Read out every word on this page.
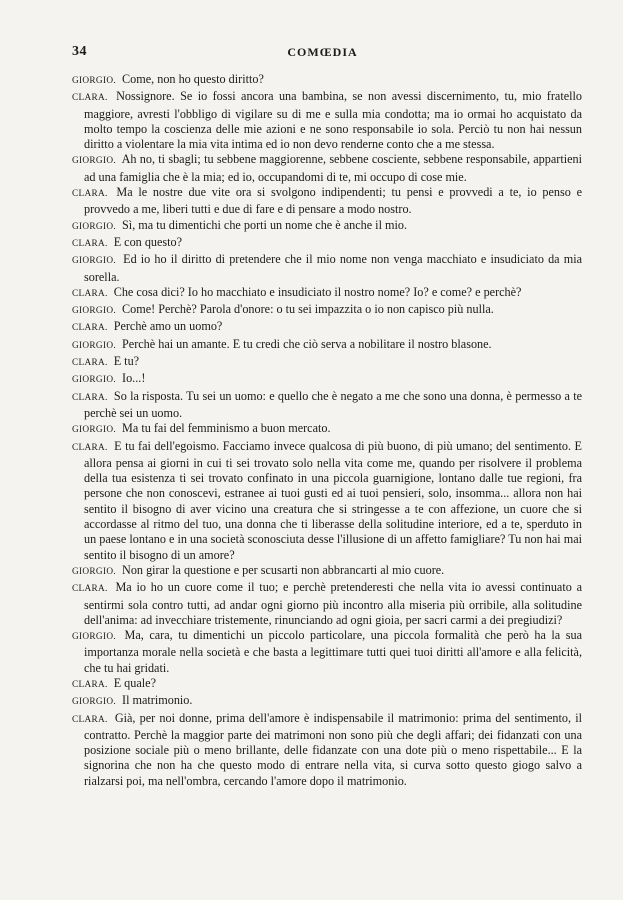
34	COMŒDIA
GIORGIO. Come, non ho questo diritto?
CLARA. Nossignore. Se io fossi ancora una bambina, se non avessi discernimento, tu, mio fratello maggiore, avresti l'obbligo di vigilare su di me e sulla mia condotta; ma io ormai ho acquistato da molto tempo la coscienza delle mie azioni e ne sono responsabile io sola. Perciò tu non hai nessun diritto a violentare la mia vita intima ed io non devo renderne conto che a me stessa.
GIORGIO. Ah no, ti sbagli; tu sebbene maggiorenne, sebbene cosciente, sebbene responsabile, appartieni ad una famiglia che è la mia; ed io, occupandomi di te, mi occupo di cose mie.
CLARA. Ma le nostre due vite ora si svolgono indipendenti; tu pensi e provvedi a te, io penso e provvedo a me, liberi tutti e due di fare e di pensare a modo nostro.
GIORGIO. Sì, ma tu dimentichi che porti un nome che è anche il mio.
CLARA. E con questo?
GIORGIO. Ed io ho il diritto di pretendere che il mio nome non venga macchiato e insudiciato da mia sorella.
CLARA. Che cosa dici? Io ho macchiato e insudiciato il nostro nome? Io? e come? e perchè?
GIORGIO. Come! Perchè? Parola d'onore: o tu sei impazzita o io non capisco più nulla.
CLARA. Perchè amo un uomo?
GIORGIO. Perchè hai un amante. E tu credi che ciò serva a nobilitare il nostro blasone.
CLARA. E tu?
GIORGIO. Io...!
CLARA. So la risposta. Tu sei un uomo: e quello che è negato a me che sono una donna, è permesso a te perchè sei un uomo.
GIORGIO. Ma tu fai del femminismo a buon mercato.
CLARA. E tu fai dell'egoismo. Facciamo invece qualcosa di più buono, di più umano; del sentimento. E allora pensa ai giorni in cui ti sei trovato solo nella vita come me, quando per risolvere il problema della tua esistenza ti sei trovato confinato in una piccola guarnigione, lontano dalle tue regioni, fra persone che non conoscevi, estranee ai tuoi gusti ed ai tuoi pensieri, solo, insomma... allora non hai sentito il bisogno di aver vicino una creatura che si stringesse a te con affezione, un cuore che si accordasse al ritmo del tuo, una donna che ti liberasse della solitudine interiore, ed a te, sperduto in un paese lontano e in una società sconosciuta desse l'illusione di un affetto famigliare? Tu non hai mai sentito il bisogno di un amore?
GIORGIO. Non girar la questione e per scusarti non abbrancarti al mio cuore.
CLARA. Ma io ho un cuore come il tuo; e perchè pretenderesti che nella vita io avessi continuato a sentirmi sola contro tutti, ad andar ogni giorno più incontro alla miseria più orribile, alla solitudine dell'anima: ad invecchiare tristemente, rinunciando ad ogni gioia, per sacri carmi a dei pregiudizi?
GIORGIO. Ma, cara, tu dimentichi un piccolo particolare, una piccola formalità che però ha la sua importanza morale nella società e che basta a legittimare tutti quei tuoi diritti all'amore e alla felicità, che tu hai gridati.
CLARA. E quale?
GIORGIO. Il matrimonio.
CLARA. Già, per noi donne, prima dell'amore è indispensabile il matrimonio: prima del sentimento, il contratto. Perchè la maggior parte dei matrimoni non sono più che degli affari; dei fidanzati con una posizione sociale più o meno brillante, delle fidanzate con una dote più o meno rispettabile... E la signorina che non ha che questo modo di entrare nella vita, si curva sotto questo giogo salvo a rialzarsi poi, ma nell'ombra, cercando l'amore dopo il matrimonio.
